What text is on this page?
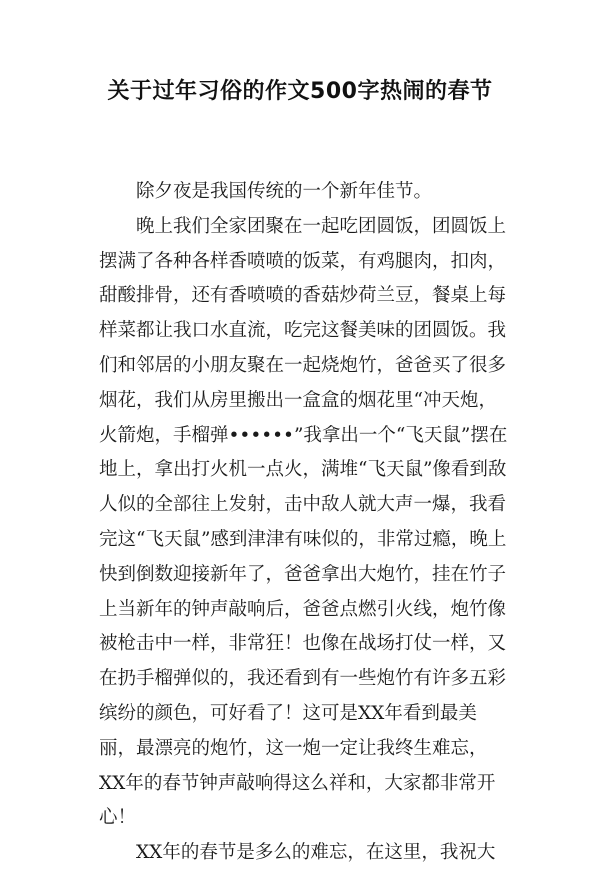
关于过年习俗的作文500字热闹的春节

除夕夜是我国传统的一个新年佳节。

晚上我们全家团聚在一起吃团圆饭，团圆饭上摆满了各种各样香喷喷的饭菜，有鸡腿肉，扣肉，甜酸排骨，还有香喷喷的香菇炒荷兰豆，餐桌上每样菜都让我口水直流，吃完这餐美味的团圆饭。我们和邻居的小朋友聚在一起烧炮竹，爸爸买了很多烟花，我们从房里搬出一盒盒的烟花里“冲天炮，火箭炮，手榴弹••••••”我拿出一个“飞天鼠”摆在地上，拿出打火机一点火，满堆“飞天鼠”像看到敌人似的全部往上发射，击中敌人就大声一爆，我看完这“飞天鼠”感到津津有味似的，非常过瘾，晚上快到倒数迎接新年了，爸爸拿出大炮竹，挂在竹子上当新年的钟声敲响后，爸爸点燃引火线，炮竹像被枪击中一样，非常狂！也像在战场打仗一样，又在扔手榴弹似的，我还看到有一些炮竹有许多五彩缤纷的颜色，可好看了！这可是XX年看到最美丽，最漂亮的炮竹，这一炮一定让我终生难忘，XX年的春节钟声敲响得这么祥和，大家都非常开心！

XX年的春节是多么的难忘，在这里，我祝大
